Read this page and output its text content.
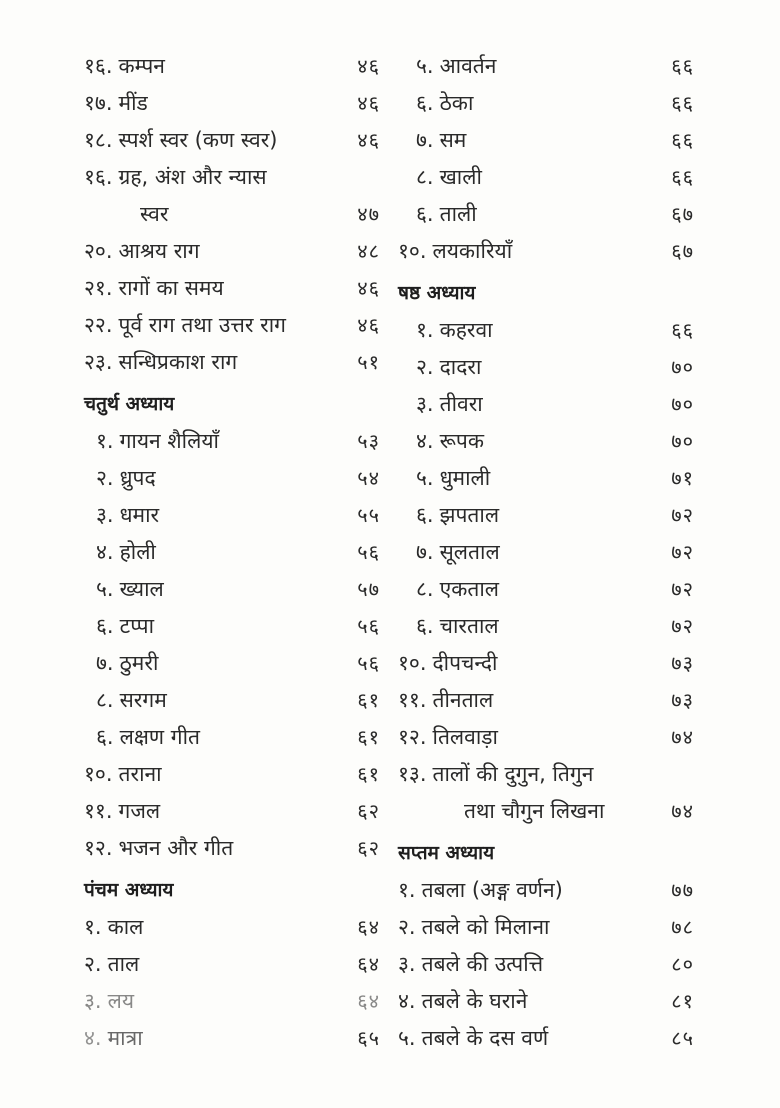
१६. कम्पन	४६
१७. मींड	४६
१८. स्पर्श स्वर (कण स्वर)	४६
१६. ग्रह, अंश और न्यास
स्वर	४७
२०. आश्रय राग	४८
२१. रागों का समय	४६
२२. पूर्व राग तथा उत्तर राग	४६
२३. सन्धिप्रकाश राग	५१
चतुर्थ अध्याय
१. गायन शैलियाँ	५३
२. ध्रुपद	५४
३. धमार	५५
४. होली	५६
५. ख्याल	५७
६. टप्पा	५६
७. ठुमरी	५६
८. सरगम	६१
६. लक्षण गीत	६१
१०. तराना	६१
११. गजल	६२
१२. भजन और गीत	६२
पंचम अध्याय
१. काल	६४
२. ताल	६४
३. लय	६४
४. मात्रा	६५
५. आवर्तन	६६
६. ठेका	६६
७. सम	६६
८. खाली	६६
६. ताली	६७
१०. लयकारियाँ	६७
षष्ठ अध्याय
१. कहरवा	६६
२. दादरा	७०
३. तीवरा	७०
४. रूपक	७०
५. धुमाली	७१
६. झपताल	७२
७. सूलताल	७२
८. एकताल	७२
६. चारताल	७२
१०. दीपचन्दी	७३
११. तीनताल	७३
१२. तिलवाड़ा	७४
१३. तालों की दुगुन, तिगुन
तथा चौगुन लिखना	७४
सप्तम अध्याय
१. तबला (अङ्ग वर्णन)	७७
२. तबले को मिलाना	७८
३. तबले की उत्पत्ति	८०
४. तबले के घराने	८१
५. तबले के दस वर्ण	८५
